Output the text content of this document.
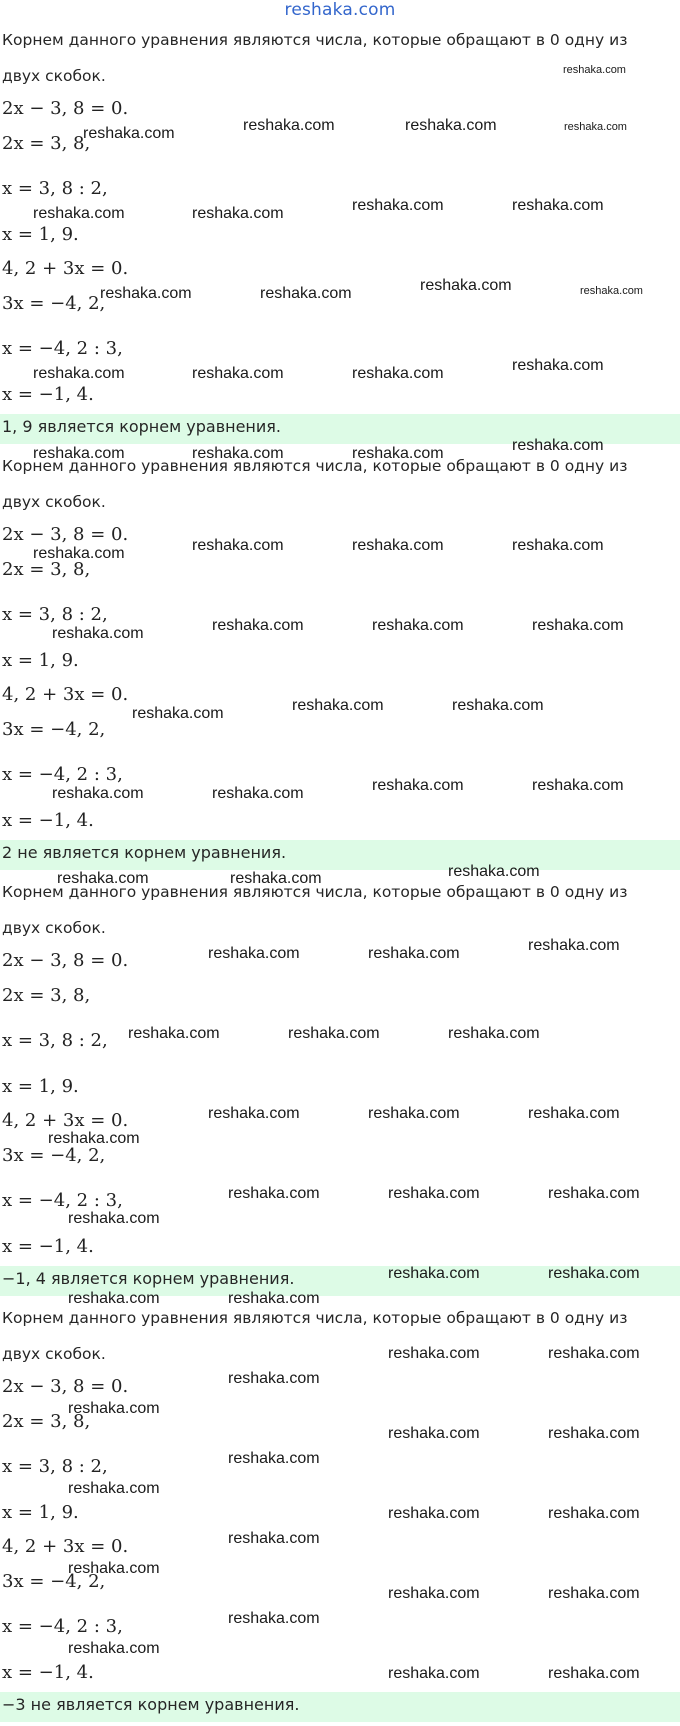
reshaka.com
Корнем данного уравнения являются числа, которые обращают в 0 одну из двух скобок.
2x − 3, 8 = 0.
2x = 3, 8,
x = 3, 8 : 2,
x = 1, 9.
4, 2 + 3x = 0.
3x = −4, 2,
x = −4, 2 : 3,
x = −1, 4.
1, 9 является корнем уравнения.
Корнем данного уравнения являются числа, которые обращают в 0 одну из двух скобок.
2x − 3, 8 = 0.
2x = 3, 8,
x = 3, 8 : 2,
x = 1, 9.
4, 2 + 3x = 0.
3x = −4, 2,
x = −4, 2 : 3,
x = −1, 4.
2 не является корнем уравнения.
Корнем данного уравнения являются числа, которые обращают в 0 одну из двух скобок.
2x − 3, 8 = 0.
2x = 3, 8,
x = 3, 8 : 2,
x = 1, 9.
4, 2 + 3x = 0.
3x = −4, 2,
x = −4, 2 : 3,
x = −1, 4.
−1, 4 является корнем уравнения.
Корнем данного уравнения являются числа, которые обращают в 0 одну из двух скобок.
2x − 3, 8 = 0.
2x = 3, 8,
x = 3, 8 : 2,
x = 1, 9.
4, 2 + 3x = 0.
3x = −4, 2,
x = −4, 2 : 3,
x = −1, 4.
−3 не является корнем уравнения.
reshaka.com
reshaka.com	reshaka.com	reshaka.com	reshaka.com
reshaka.com	reshaka.com	reshaka.com	reshaka.com
reshaka.com	reshaka.com	reshaka.com	reshaka.com
reshaka.com	reshaka.com	reshaka.com	reshaka.com
reshaka.com	reshaka.com	reshaka.com	reshaka.com
reshaka.com	reshaka.com	reshaka.com	reshaka.com
reshaka.com	reshaka.com	reshaka.com	reshaka.com
reshaka.com	reshaka.com	reshaka.com
reshaka.com	reshaka.com	reshaka.com	reshaka.com
reshaka.com	reshaka.com	reshaka.com
reshaka.com	reshaka.com	reshaka.com
reshaka.com	reshaka.com	reshaka.com
reshaka.com	reshaka.com	reshaka.com
reshaka.com
reshaka.com	reshaka.com	reshaka.com
reshaka.com
reshaka.com	reshaka.com
reshaka.com	reshaka.com
reshaka.com	reshaka.com
reshaka.com
reshaka.com
reshaka.com	reshaka.com
reshaka.com
reshaka.com
reshaka.com	reshaka.com
reshaka.com
reshaka.com
reshaka.com	reshaka.com
reshaka.com
reshaka.com
reshaka.com	reshaka.com
